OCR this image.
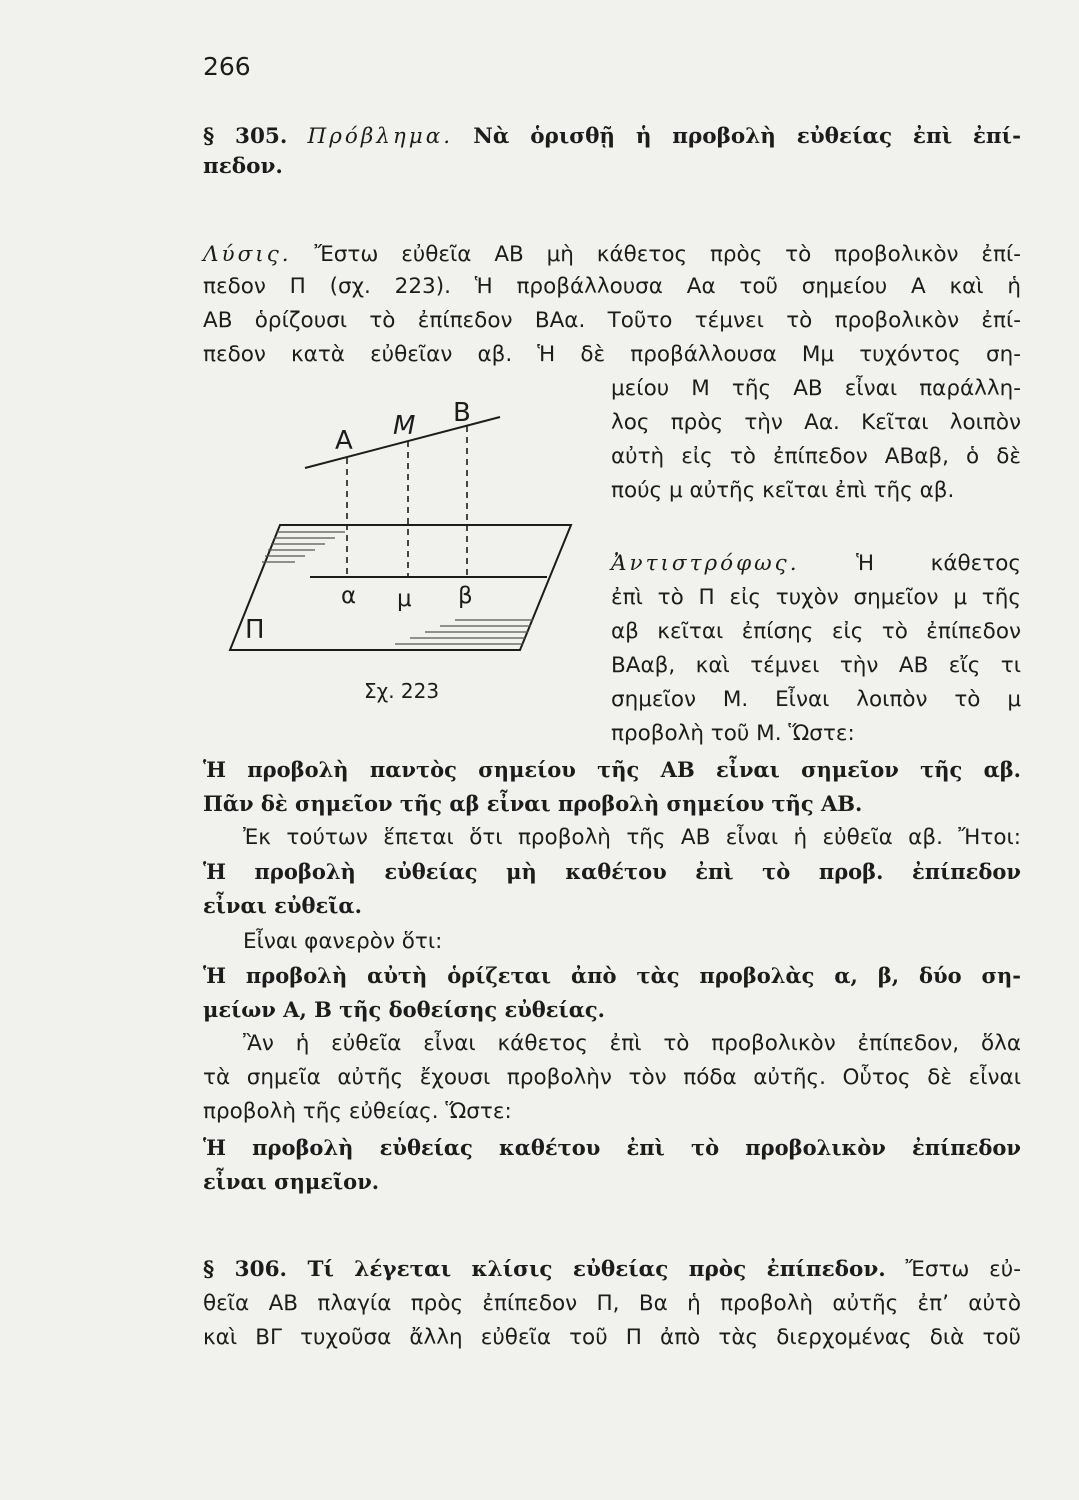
266
§ 305. Πρόβλημα. Νὰ ὁρισθῇ ἡ προβολὴ εὐθείας ἐπὶ ἐπί-
πεδον.
Λύσις. Ἔστω εὐθεῖα ΑΒ μὴ κάθετος πρὸς τὸ προβολικὸν ἐπί-
πεδον Π (σχ. 223). Ἡ προβάλλουσα Αα τοῦ σημείου Α καὶ ἡ
ΑΒ ὁρίζουσι τὸ ἐπίπεδον ΒΑα. Τοῦτο τέμνει τὸ προβολικὸν ἐπί-
πεδον κατὰ εὐθεῖαν αβ. Ἡ δὲ προβάλλουσα Μμ τυχόντος ση-
μείου Μ τῆς ΑΒ εἶναι παράλλη-
λος πρὸς τὴν Αα. Κεῖται λοιπὸν
αὐτὴ εἰς τὸ ἐπίπεδον ΑΒαβ, ὁ δὲ
πούς μ αὐτῆς κεῖται ἐπὶ τῆς αβ.
Ἀντιστρόφως.	Ἡ κάθετος
ἐπὶ τὸ Π εἰς τυχὸν σημεῖον μ τῆς
αβ κεῖται ἐπίσης εἰς τὸ ἐπίπεδον
ΒΑαβ, καὶ τέμνει τὴν ΑΒ εἴς τι
σημεῖον Μ. Εἶναι λοιπὸν τὸ μ
προβολὴ τοῦ Μ. Ὥστε:
Α Μ Β
α μ β
Π
Σχ. 223
Ἡ προβολὴ παντὸς σημείου τῆς ΑΒ εἶναι σημεῖον τῆς αβ.
Πᾶν δὲ σημεῖον τῆς αβ εἶναι προβολὴ σημείου τῆς ΑΒ.
Ἐκ τούτων ἕπεται ὅτι προβολὴ τῆς ΑΒ εἶναι ἡ εὐθεῖα αβ. Ἤτοι:
Ἡ προβολὴ εὐθείας μὴ καθέτου ἐπὶ τὸ προβ. ἐπίπεδον
εἶναι εὐθεῖα.
Εἶναι φανερὸν ὅτι:
Ἡ προβολὴ αὐτὴ ὁρίζεται ἀπὸ τὰς προβολὰς α, β, δύο ση-
μείων Α, Β τῆς δοθείσης εὐθείας.
Ἂν ἡ εὐθεῖα εἶναι κάθετος ἐπὶ τὸ προβολικὸν ἐπίπεδον, ὅλα
τὰ σημεῖα αὐτῆς ἔχουσι προβολὴν τὸν πόδα αὐτῆς. Οὗτος δὲ εἶναι
προβολὴ τῆς εὐθείας. Ὥστε:
Ἡ προβολὴ εὐθείας καθέτου ἐπὶ τὸ προβολικὸν ἐπίπεδον
εἶναι σημεῖον.
§ 306. Τί λέγεται κλίσις εὐθείας πρὸς ἐπίπεδον. Ἔστω εὐ-
θεῖα ΑΒ πλαγία πρὸς ἐπίπεδον Π, Βα ἡ προβολὴ αὐτῆς ἐπ’ αὐτὸ
καὶ ΒΓ τυχοῦσα ἄλλη εὐθεῖα τοῦ Π ἀπὸ τὰς διερχομένας διὰ τοῦ
